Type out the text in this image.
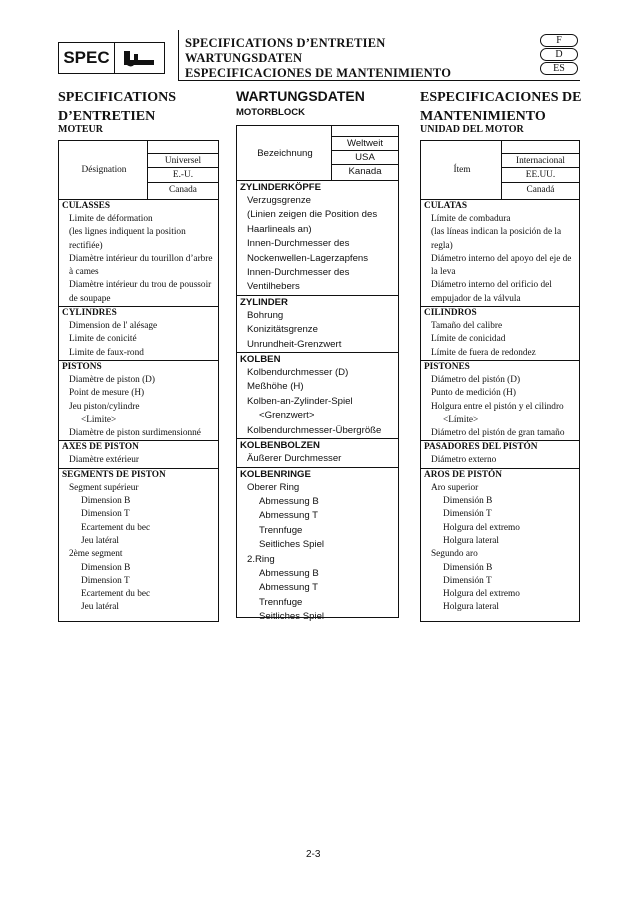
SPEC
SPECIFICATIONS D’ENTRETIEN
WARTUNGSDATEN
ESPECIFICACIONES DE MANTENIMIENTO
F
D
ES
SPECIFICATIONS
D’ENTRETIEN
MOTEUR
WARTUNGSDATEN
MOTORBLOCK
ESPECIFICACIONES DE
MANTENIMIENTO
UNIDAD DEL MOTOR
Désignation
Universel
E.-U.
Canada
CULASSES
Limite de déformation
(les lignes indiquent la position rectifiée)
Diamètre intérieur du tourillon d’arbre à cames
Diamètre intérieur du trou de poussoir de soupape
CYLINDRES
Dimension de l' alésage
Limite de conicité
Limite de faux-rond
PISTONS
Diamètre de piston (D)
Point de mesure (H)
Jeu piston/cylindre
<Limite>
Diamètre de piston surdimensionné
AXES DE PISTON
Diamètre extérieur
SEGMENTS DE PISTON
Segment supérieur
Dimension B
Dimension T
Ecartement du bec
Jeu latéral
2ème segment
Dimension B
Dimension T
Ecartement du bec
Jeu latéral
Bezeichnung
Weltweit
USA
Kanada
ZYLINDERKÖPFE
Verzugsgrenze
(Linien zeigen die Position des Haarlineals an)
Innen-Durchmesser des Nockenwellen-Lagerzapfens
Innen-Durchmesser des Ventilhebers
ZYLINDER
Bohrung
Konizitätsgrenze
Unrundheit-Grenzwert
KOLBEN
Kolbendurchmesser (D)
Meßhöhe (H)
Kolben-an-Zylinder-Spiel
<Grenzwert>
Kolbendurchmesser-Übergröße
KOLBENBOLZEN
Äußerer Durchmesser
KOLBENRINGE
Oberer Ring
Abmessung B
Abmessung T
Trennfuge
Seitliches Spiel
2.Ring
Abmessung B
Abmessung T
Trennfuge
Seitliches Spiel
Ítem
Internacional
EE.UU.
Canadá
CULATAS
Límite de combadura
(las líneas indican la posición de la regla)
Diámetro interno del apoyo del eje de la leva
Diámetro interno del orificio del empujador de la válvula
CILINDROS
Tamaño del calibre
Límite de conicidad
Límite de fuera de redondez
PISTONES
Diámetro del pistón (D)
Punto de medición (H)
Holgura entre el pistón y el cilindro
<Límite>
Diámetro del pistón de gran tamaño
PASADORES DEL PISTÓN
Diámetro externo
AROS DE PISTÓN
Aro superior
Dimensión B
Dimensión T
Holgura del extremo
Holgura lateral
Segundo aro
Dimensión B
Dimensión T
Holgura del extremo
Holgura lateral
2-3
